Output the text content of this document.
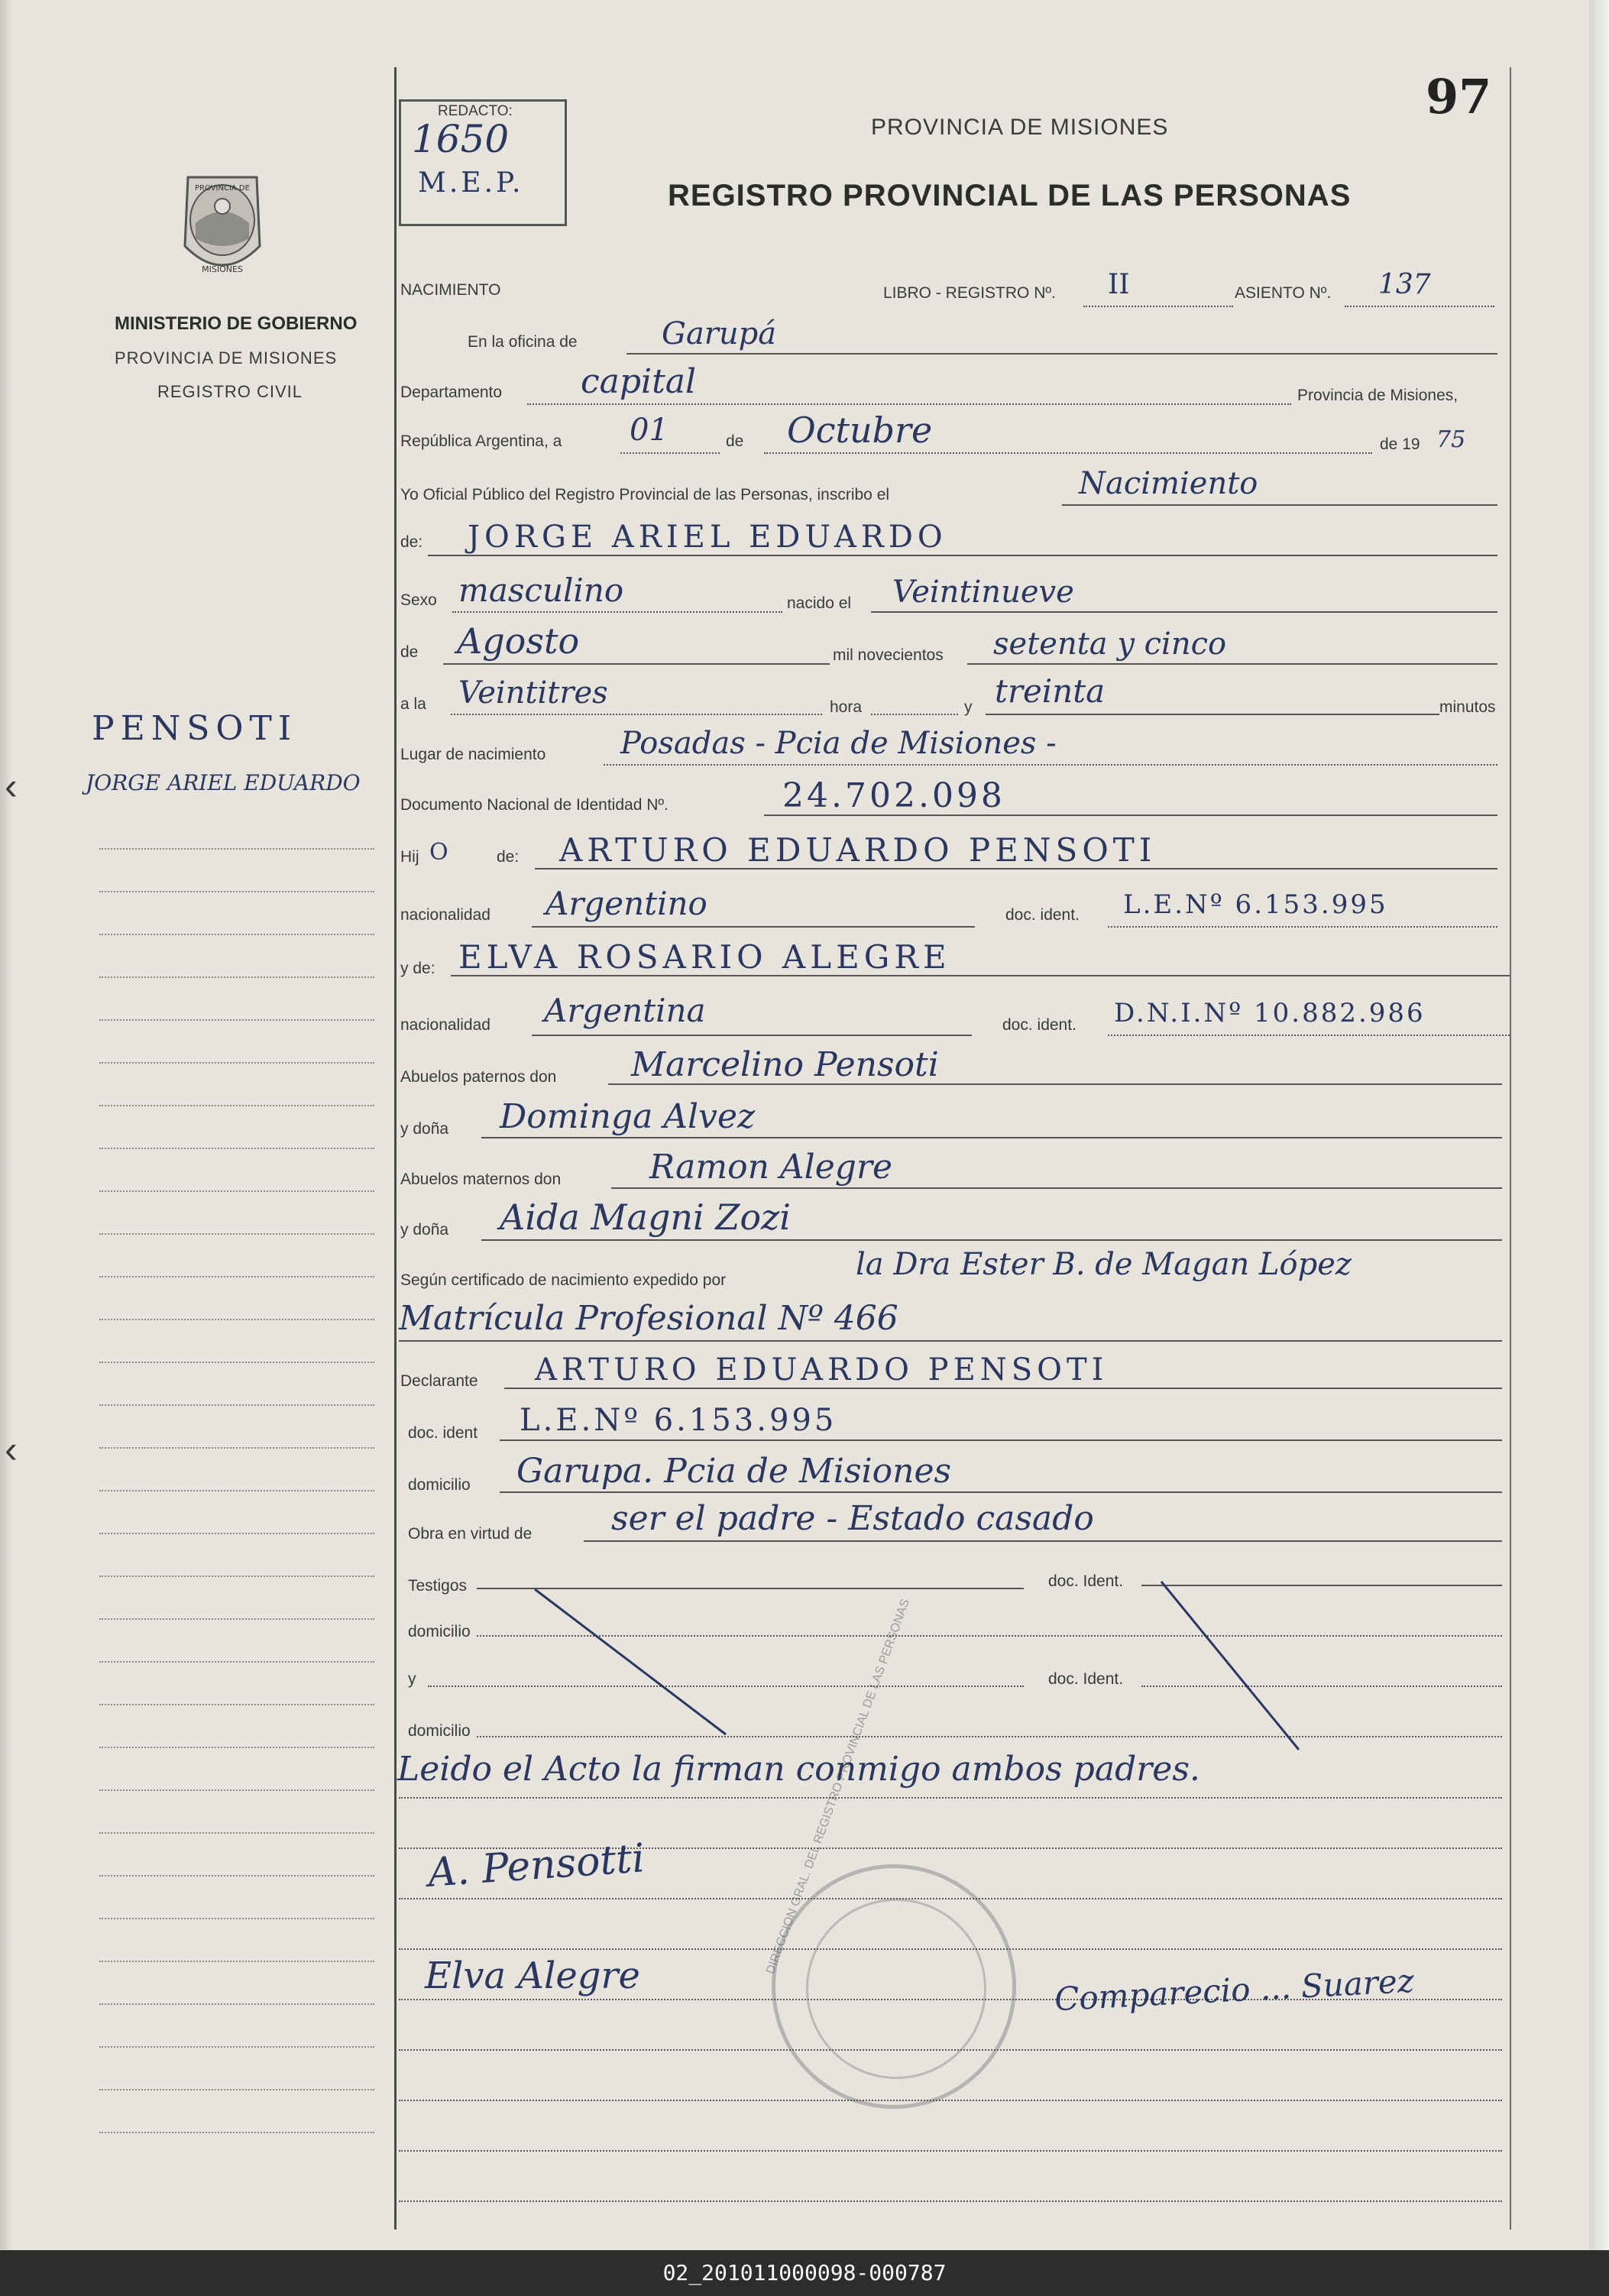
97
REDACTO:
1650
M.E.P.
PROVINCIA DE MISIONES
REGISTRO PROVINCIAL DE LAS PERSONAS
PROVINCIA DE
MISIONES
MINISTERIO DE GOBIERNO
PROVINCIA DE MISIONES
REGISTRO CIVIL
PENSOTI
JORGE ARIEL EDUARDO
‹
‹
NACIMIENTO	LIBRO - REGISTRO Nº. II	ASIENTO Nº. 137
En la oficina de	Garupá
Departamento capital	Provincia de Misiones,
República Argentina, a 01	de Octubre	de 19 75
Yo Oficial Público del Registro Provincial de las Personas, inscribo el	Nacimiento
de: JORGE ARIEL EDUARDO
Sexo masculino	nacido el Veintinueve
de Agosto	mil novecientos setenta y cinco
a la Veintitres	hora	y treinta	minutos
Lugar de nacimiento Posadas - Pcia de Misiones -
Documento Nacional de Identidad Nº.	24.702.098
Hij O	de: ARTURO EDUARDO PENSOTI
nacionalidad Argentino	doc. ident. L.E.Nº 6.153.995
y de: ELVA ROSARIO ALEGRE
nacionalidad Argentina	doc. ident. D.N.I.Nº 10.882.986
Abuelos paternos don Marcelino Pensoti
y doña Dominga Alvez
Abuelos maternos don	Ramon Alegre
y doña Aida Magni Zozi
Según certificado de nacimiento expedido por	la Dra Ester B. de Magan López
Matrícula Profesional Nº 466
Declarante ARTURO EDUARDO PENSOTI
doc. ident L.E.Nº 6.153.995
domicilio Garupa. Pcia de Misiones
Obra en virtud de ser el padre - Estado casado
Testigos	doc. Ident.
domicilio
y	doc. Ident.
domicilio
Leido el Acto la firman conmigo ambos padres.
DIRECCION GRAL. DEL REGISTRO PROVINCIAL DE LAS PERSONAS
A. Pensotti
Elva Alegre	Comparecio ... Suarez
02_201011000098-000787
